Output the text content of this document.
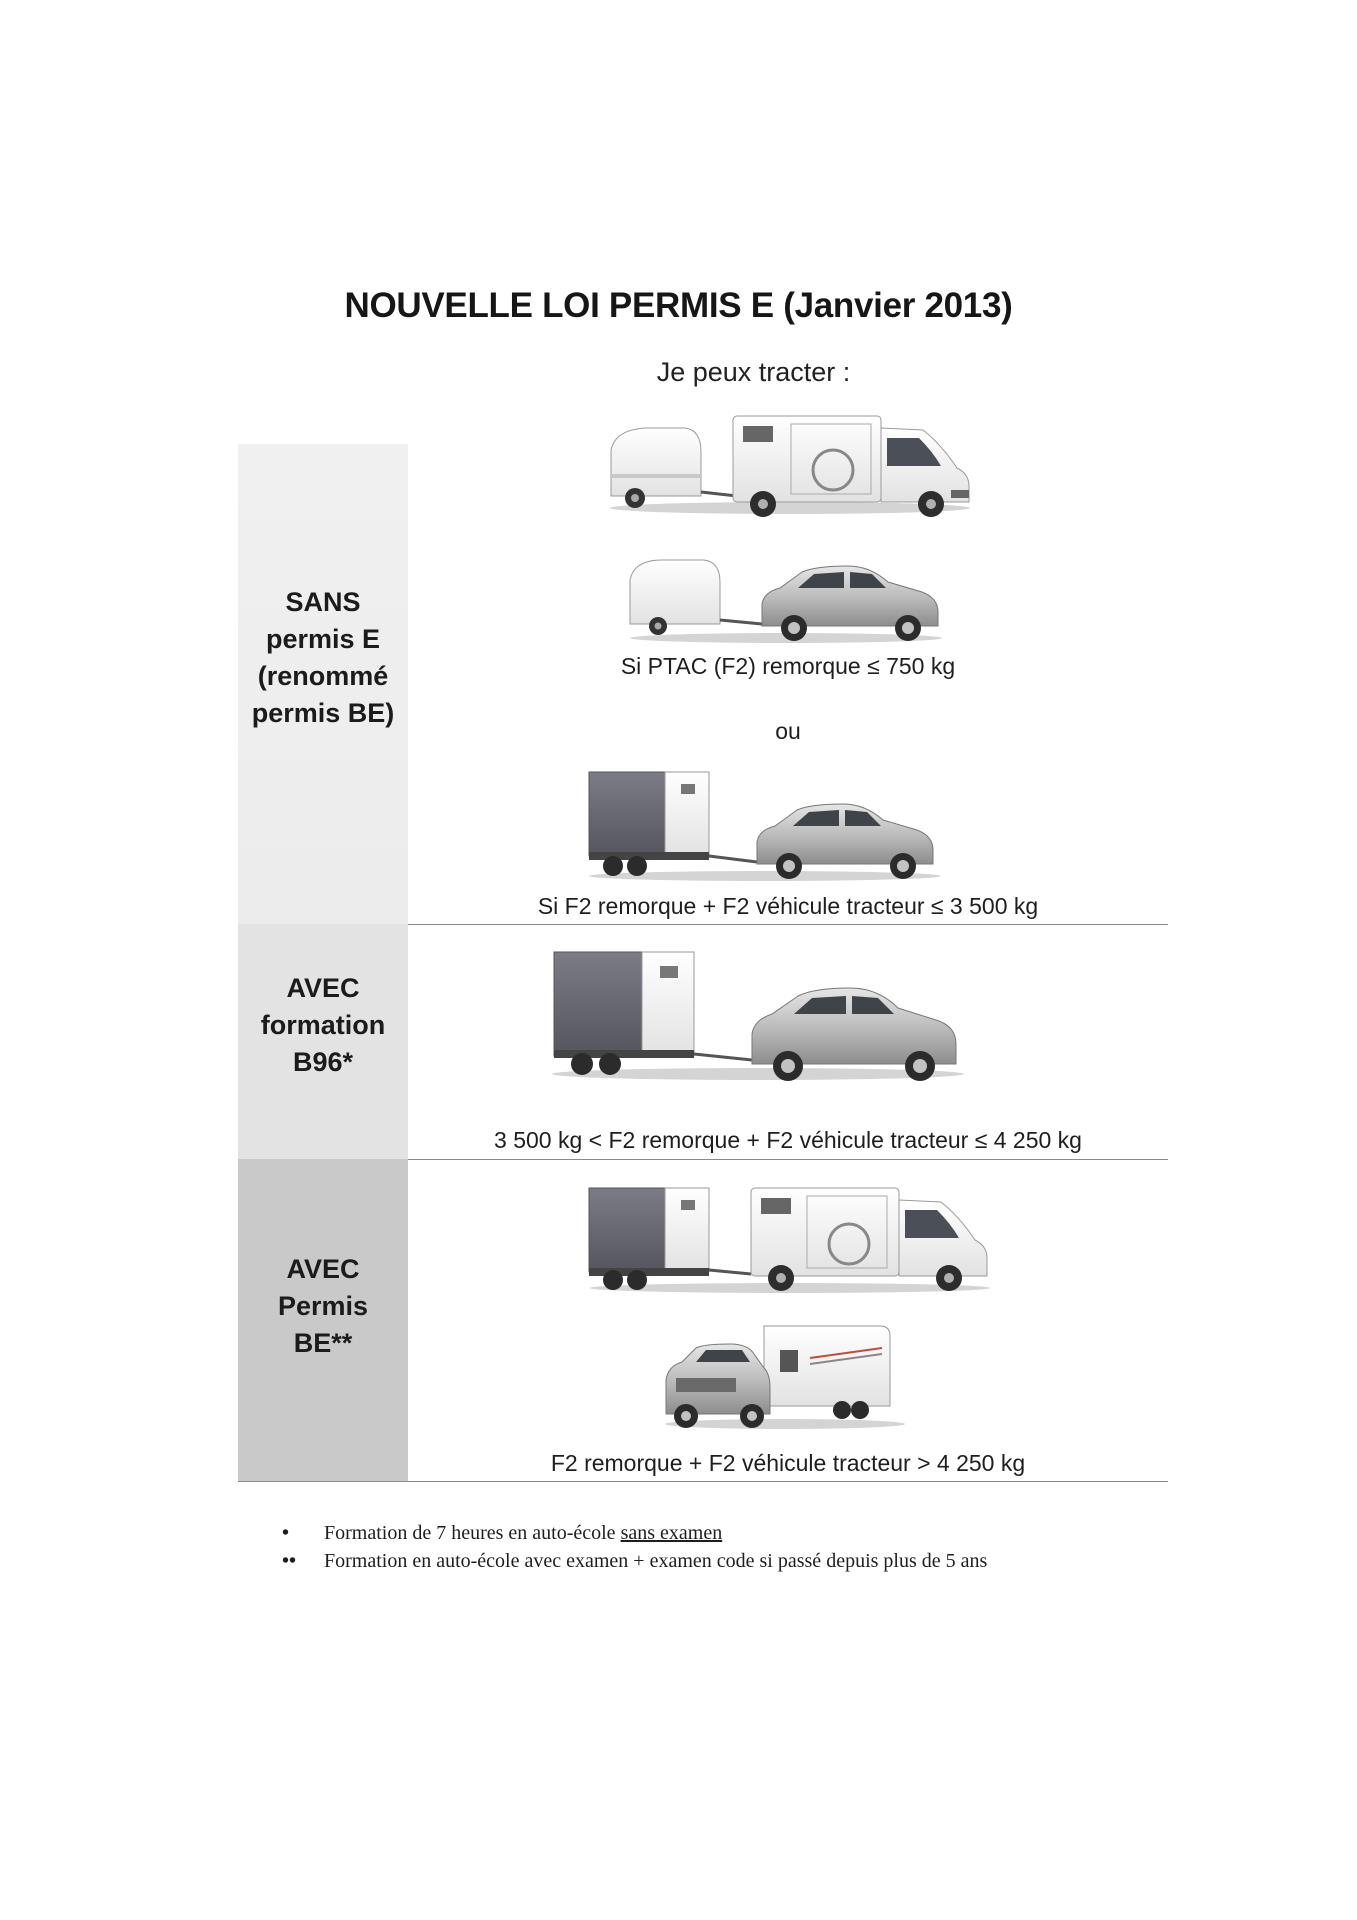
NOUVELLE LOI PERMIS E (Janvier 2013)
Je peux tracter :
SANS
permis E
(renommé
permis BE)
Si PTAC (F2) remorque ≤ 750 kg
ou
Si F2 remorque + F2 véhicule tracteur ≤ 3 500 kg
AVEC
formation
B96*
3 500 kg < F2 remorque + F2 véhicule tracteur ≤ 4 250 kg
AVEC
Permis
BE**
F2 remorque + F2 véhicule tracteur > 4 250 kg
•	Formation de 7 heures en auto-école sans examen
••	Formation en auto-école avec examen + examen code si passé depuis plus de 5 ans
